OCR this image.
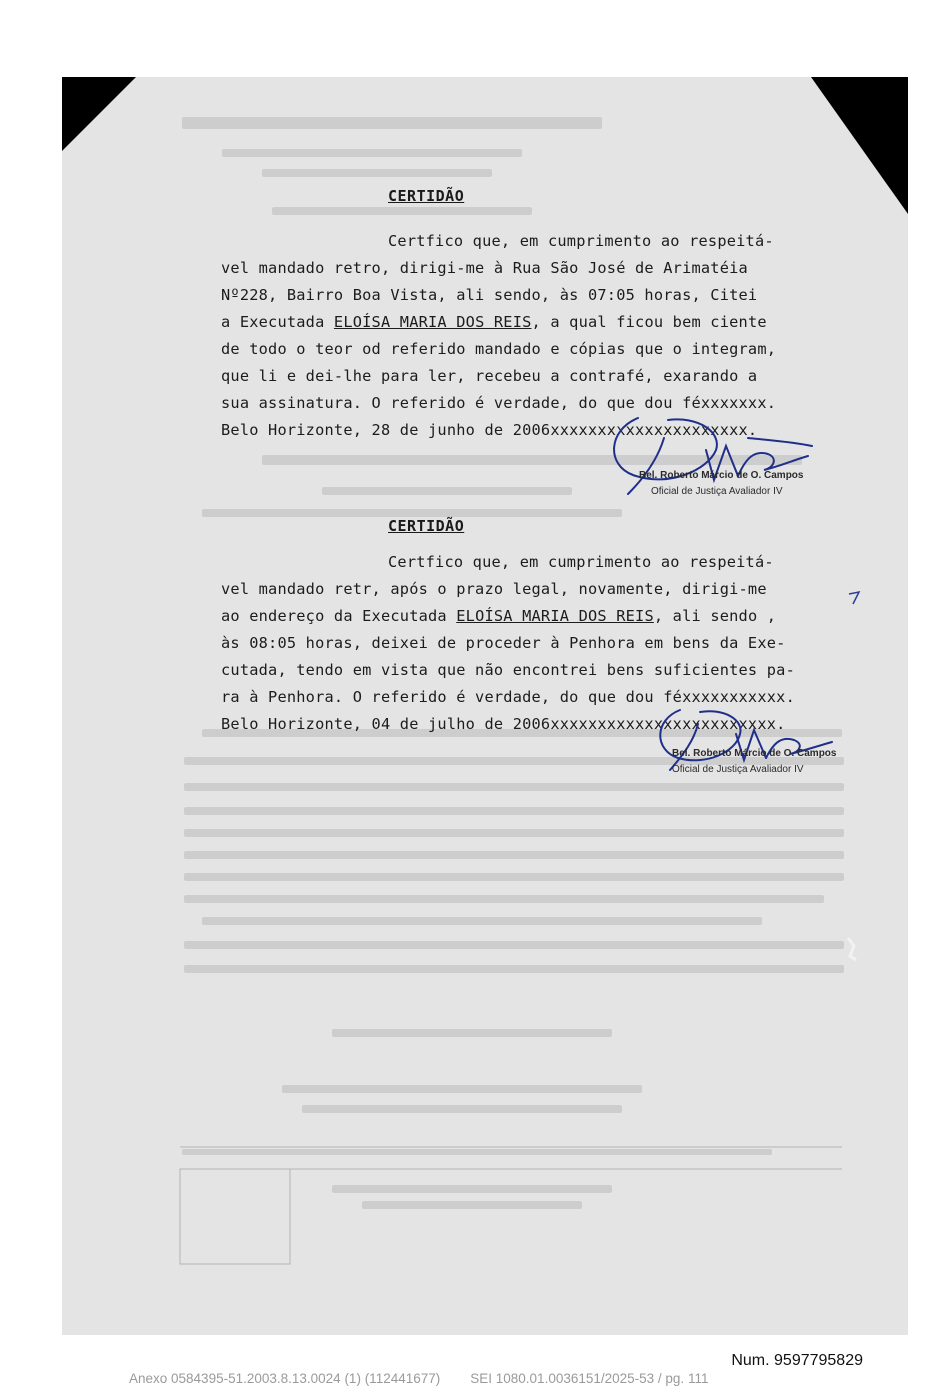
CERTIDÃO
Certfico que, em cumprimento ao respeitá-
vel mandado retro, dirigi-me à Rua São José de Arimatéia
Nº228, Bairro Boa Vista, ali sendo, às 07:05 horas, Citei
a Executada ELOÍSA MARIA DOS REIS, a qual ficou bem ciente
de todo o teor od referido mandado e cópias que o integram,
que li e dei-lhe para ler, recebeu a contrafé, exarando a
sua assinatura. O referido é verdade, do que dou féxxxxxxx.
Belo Horizonte, 28 de junho de 2006xxxxxxxxxxxxxxxxxxxxx.
Bel. Roberto Márcio de O. Campos
Oficial de Justiça Avaliador IV
CERTIDÃO
Certfico que, em cumprimento ao respeitá-
vel mandado retr, após o prazo legal, novamente, dirigi-me
ao endereço da Executada ELOÍSA MARIA DOS REIS, ali sendo ,
às 08:05 horas, deixei de proceder à Penhora em bens da Exe-
cutada, tendo em vista que não encontrei bens suficientes pa-
ra à Penhora. O referido é verdade, do que dou féxxxxxxxxxxx.
Belo Horizonte, 04 de julho de 2006xxxxxxxxxxxxxxxxxxxxxxxx.
Bel. Roberto Márcio de O. Campos
Oficial de Justiça Avaliador IV
Num. 9597795829
Anexo 0584395-51.2003.8.13.0024 (1) (112441677)        SEI 1080.01.0036151/2025-53 / pg. 111
